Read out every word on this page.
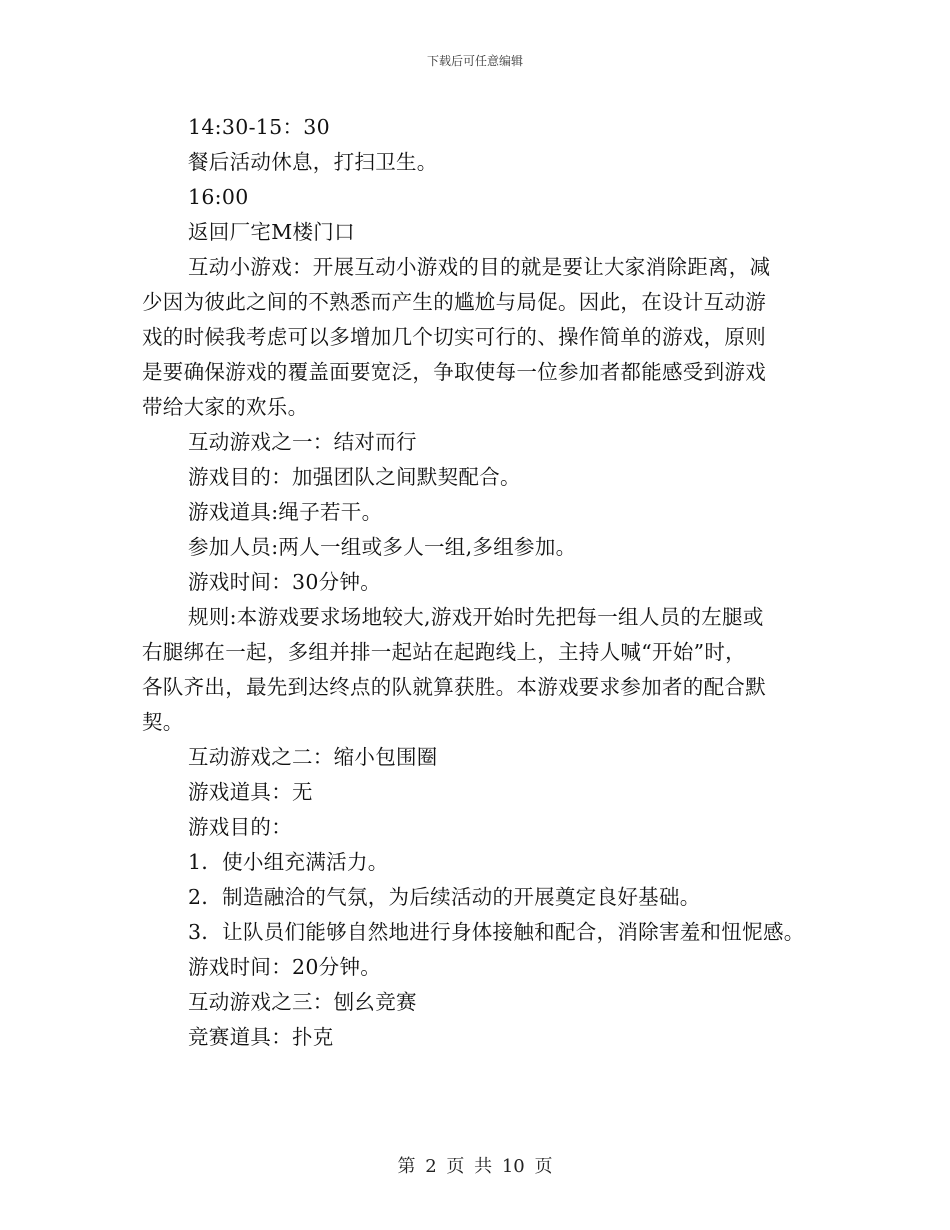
下载后可任意编辑
14:30-15：30
餐后活动休息，打扫卫生。
16:00
返回厂宅M楼门口
互动小游戏：开展互动小游戏的目的就是要让大家消除距离，减
少因为彼此之间的不熟悉而产生的尴尬与局促。因此，在设计互动游
戏的时候我考虑可以多增加几个切实可行的、操作简单的游戏，原则
是要确保游戏的覆盖面要宽泛，争取使每一位参加者都能感受到游戏
带给大家的欢乐。
互动游戏之一：结对而行
游戏目的：加强团队之间默契配合。
游戏道具:绳子若干。
参加人员:两人一组或多人一组,多组参加。
游戏时间：30分钟。
规则:本游戏要求场地较大,游戏开始时先把每一组人员的左腿或
右腿绑在一起，多组并排一起站在起跑线上，主持人喊“开始”时，
各队齐出，最先到达终点的队就算获胜。本游戏要求参加者的配合默
契。
互动游戏之二：缩小包围圈
游戏道具：无
游戏目的：
1．使小组充满活力。
2．制造融洽的气氛，为后续活动的开展奠定良好基础。
3．让队员们能够自然地进行身体接触和配合，消除害羞和忸怩感。
游戏时间：20分钟。
互动游戏之三：刨幺竞赛
竞赛道具：扑克
第 2 页 共 10 页
